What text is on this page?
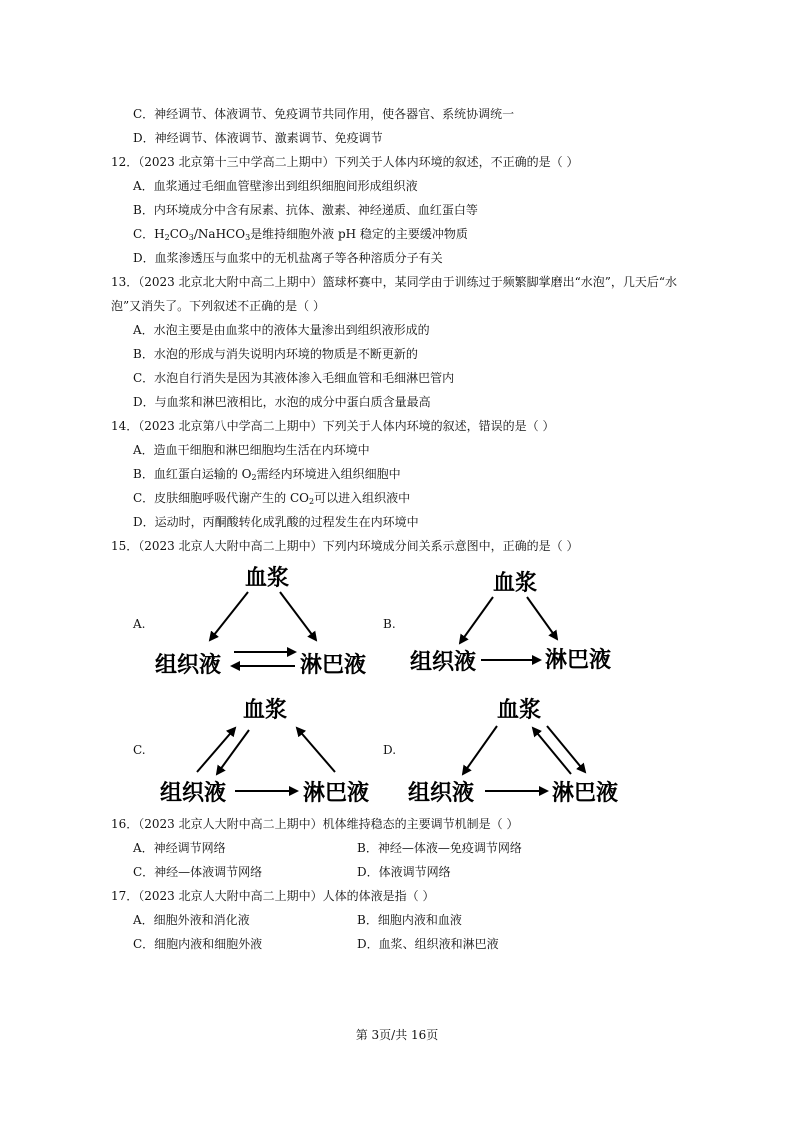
C．神经调节、体液调节、免疫调节共同作用，使各器官、系统协调统一
D．神经调节、体液调节、激素调节、免疫调节
12．（2023 北京第十三中学高二上期中）下列关于人体内环境的叙述，不正确的是（ ）
A．血浆通过毛细血管壁渗出到组织细胞间形成组织液
B．内环境成分中含有尿素、抗体、激素、神经递质、血红蛋白等
C．$H_2CO_3/NaHCO_3$是维持细胞外液 pH 稳定的主要缓冲物质
D．血浆渗透压与血浆中的无机盐离子等各种溶质分子有关
13．（2023 北京北大附中高二上期中）篮球杯赛中，某同学由于训练过于频繁脚掌磨出“水泡”，几天后“水
泡”又消失了。下列叙述不正确的是（ ）
A．水泡主要是由血浆中的液体大量渗出到组织液形成的
B．水泡的形成与消失说明内环境的物质是不断更新的
C．水泡自行消失是因为其液体渗入毛细血管和毛细淋巴管内
D．与血浆和淋巴液相比，水泡的成分中蛋白质含量最高
14．（2023 北京第八中学高二上期中）下列关于人体内环境的叙述，错误的是（ ）
A．造血干细胞和淋巴细胞均生活在内环境中
B．血红蛋白运输的 $O_2$需经内环境进入组织细胞中
C．皮肤细胞呼吸代谢产生的 $CO_2$可以进入组织液中
D．运动时，丙酮酸转化成乳酸的过程发生在内环境中
15．（2023 北京人大附中高二上期中）下列内环境成分间关系示意图中，正确的是（ ）
A.	B.
C.	D.
血浆
组织液	淋巴液
血浆
组织液	淋巴液
血浆
组织液	淋巴液
血浆
组织液	淋巴液
16．（2023 北京人大附中高二上期中）机体维持稳态的主要调节机制是（ ）
A．神经调节网络	B．神经—体液—免疫调节网络
C．神经—体液调节网络	D．体液调节网络
17．（2023 北京人大附中高二上期中）人体的体液是指（ ）
A．细胞外液和消化液	B．细胞内液和血液
C．细胞内液和细胞外液	D．血浆、组织液和淋巴液
第 3页/共 16页
